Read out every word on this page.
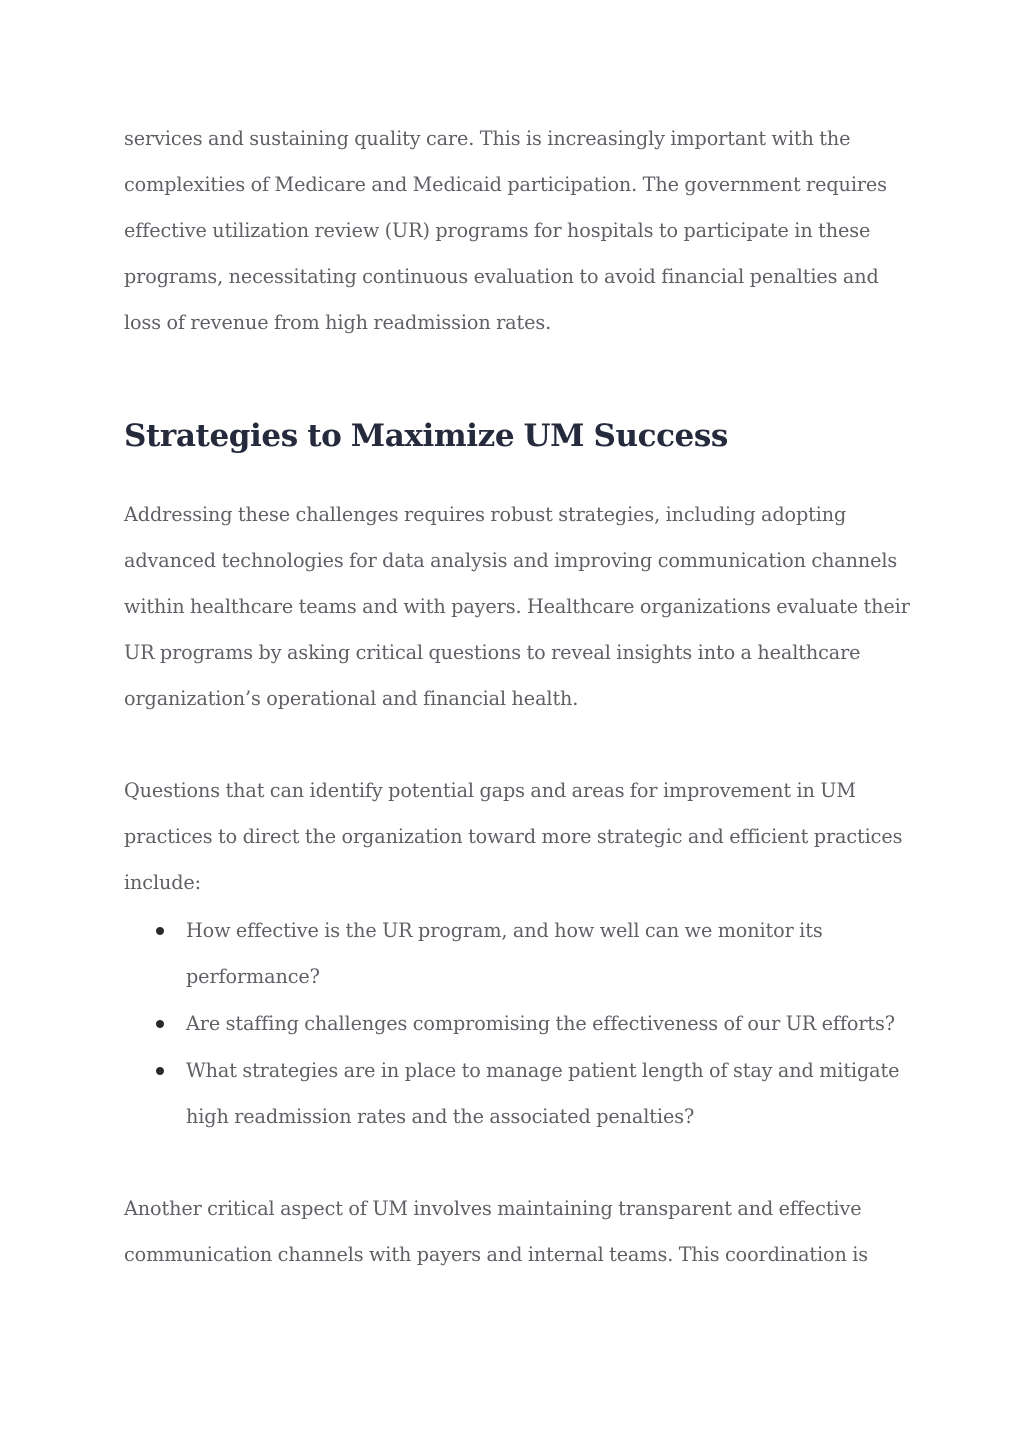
services and sustaining quality care. This is increasingly important with the complexities of Medicare and Medicaid participation. The government requires effective utilization review (UR) programs for hospitals to participate in these programs, necessitating continuous evaluation to avoid financial penalties and loss of revenue from high readmission rates.

Strategies to Maximize UM Success

Addressing these challenges requires robust strategies, including adopting advanced technologies for data analysis and improving communication channels within healthcare teams and with payers. Healthcare organizations evaluate their UR programs by asking critical questions to reveal insights into a healthcare organization’s operational and financial health.

Questions that can identify potential gaps and areas for improvement in UM practices to direct the organization toward more strategic and efficient practices include:

How effective is the UR program, and how well can we monitor its performance?
Are staffing challenges compromising the effectiveness of our UR efforts?
What strategies are in place to manage patient length of stay and mitigate high readmission rates and the associated penalties?

Another critical aspect of UM involves maintaining transparent and effective communication channels with payers and internal teams. This coordination is
